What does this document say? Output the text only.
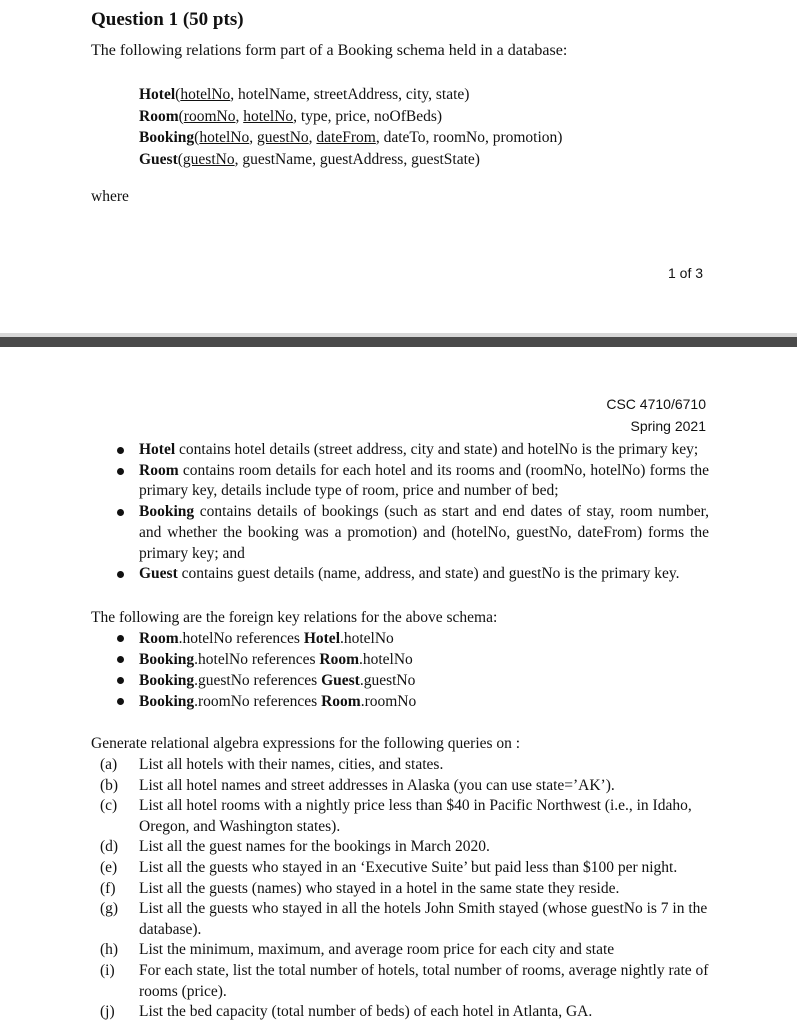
Question 1 (50 pts)
The following relations form part of a Booking schema held in a database:
Hotel(hotelNo, hotelName, streetAddress, city, state)
Room(roomNo, hotelNo, type, price, noOfBeds)
Booking(hotelNo, guestNo, dateFrom, dateTo, roomNo, promotion)
Guest(guestNo, guestName, guestAddress, guestState)
where
1 of 3
CSC 4710/6710
Spring 2021
Hotel contains hotel details (street address, city and state) and hotelNo is the primary key;
Room contains room details for each hotel and its rooms and (roomNo, hotelNo) forms the primary key, details include type of room, price and number of bed;
Booking contains details of bookings (such as start and end dates of stay, room number, and whether the booking was a promotion) and (hotelNo, guestNo, dateFrom) forms the primary key; and
Guest contains guest details (name, address, and state) and guestNo is the primary key.
The following are the foreign key relations for the above schema:
Room.hotelNo references Hotel.hotelNo
Booking.hotelNo references Room.hotelNo
Booking.guestNo references Guest.guestNo
Booking.roomNo references Room.roomNo
Generate relational algebra expressions for the following queries on :
(a)	List all hotels with their names, cities, and states.
(b)	List all hotel names and street addresses in Alaska (you can use state=’AK’).
(c)	List all hotel rooms with a nightly price less than $40 in Pacific Northwest (i.e., in Idaho, Oregon, and Washington states).
(d)	List all the guest names for the bookings in March 2020.
(e)	List all the guests who stayed in an ‘Executive Suite’ but paid less than $100 per night.
(f)	List all the guests (names) who stayed in a hotel in the same state they reside.
(g)	List all the guests who stayed in all the hotels John Smith stayed (whose guestNo is 7 in the database).
(h)	List the minimum, maximum, and average room price for each city and state
(i)	For each state, list the total number of hotels, total number of rooms, average nightly rate of rooms (price).
(j)	List the bed capacity (total number of beds) of each hotel in Atlanta, GA.
